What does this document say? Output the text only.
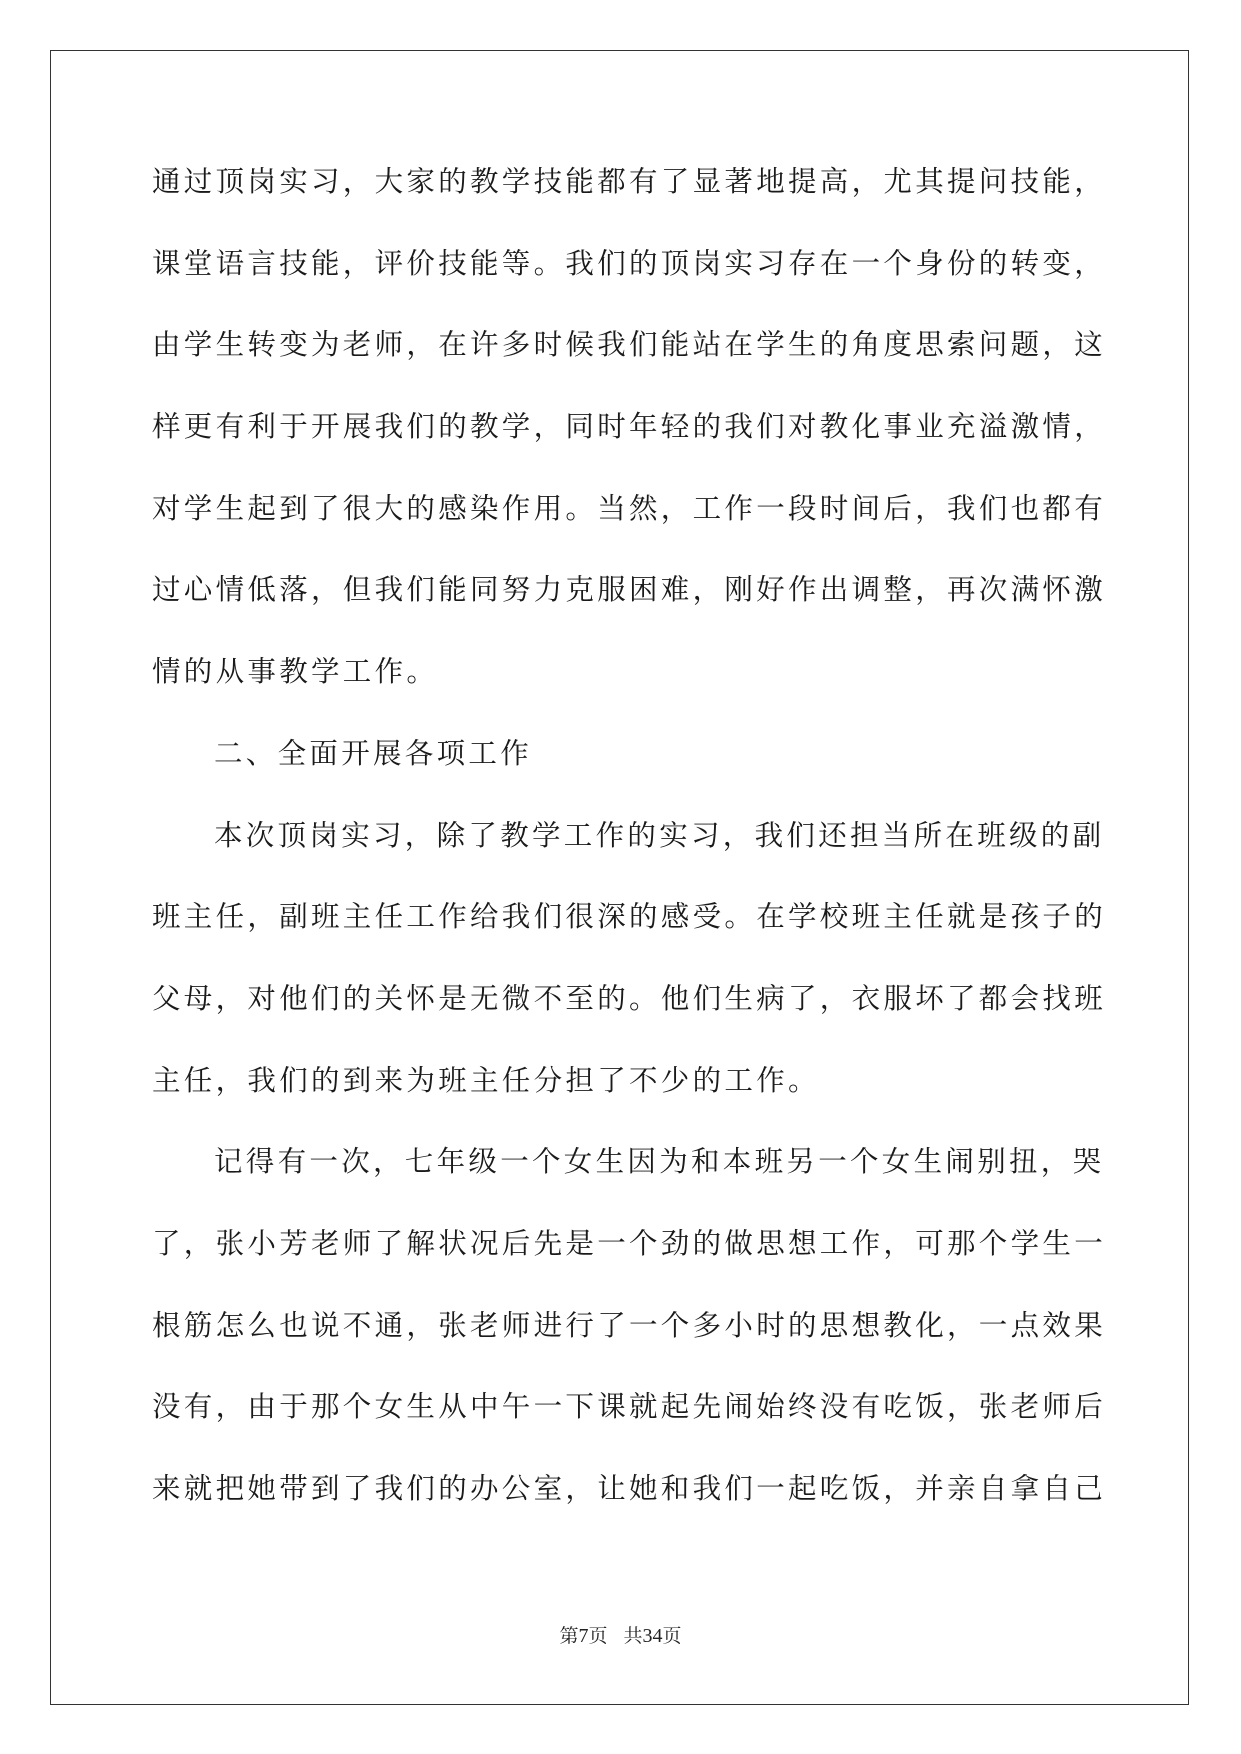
通过顶岗实习，大家的教学技能都有了显著地提高，尤其提问技能，
课堂语言技能，评价技能等。我们的顶岗实习存在一个身份的转变，
由学生转变为老师，在许多时候我们能站在学生的角度思索问题，这
样更有利于开展我们的教学，同时年轻的我们对教化事业充溢激情，
对学生起到了很大的感染作用。当然，工作一段时间后，我们也都有
过心情低落，但我们能同努力克服困难，刚好作出调整，再次满怀激
情的从事教学工作。
二、全面开展各项工作
本次顶岗实习，除了教学工作的实习，我们还担当所在班级的副
班主任，副班主任工作给我们很深的感受。在学校班主任就是孩子的
父母，对他们的关怀是无微不至的。他们生病了，衣服坏了都会找班
主任，我们的到来为班主任分担了不少的工作。
记得有一次，七年级一个女生因为和本班另一个女生闹别扭，哭
了，张小芳老师了解状况后先是一个劲的做思想工作，可那个学生一
根筋怎么也说不通，张老师进行了一个多小时的思想教化，一点效果
没有，由于那个女生从中午一下课就起先闹始终没有吃饭，张老师后
来就把她带到了我们的办公室，让她和我们一起吃饭，并亲自拿自己
第7页 共34页
